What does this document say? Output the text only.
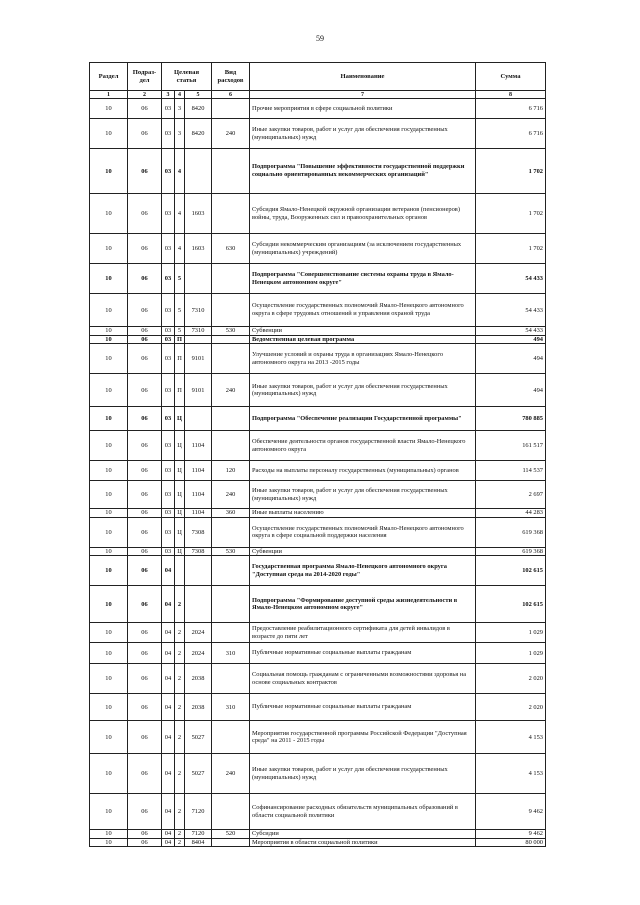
59
Раздел	Подраз-дел	Целевая статья			Вид расходов	Наименование	Сумма
1	2	3	4	5	6	7	8
10	06	03	3	8420		Прочие мероприятия в сфере социальной политики	6 716
10	06	03	3	8420	240	Иные закупки товаров, работ и услуг для обеспечения государственных (муниципальных) нужд	6 716
10	06	03	4			Подпрограмма "Повышение эффективности государственной поддержки социально ориентированных некоммерческих организаций"	1 702
10	06	03	4	1603		Субсидия Ямало-Ненецкой окружной организации ветеранов (пенсионеров) войны, труда, Вооруженных сил и правоохранительных органов	1 702
10	06	03	4	1603	630	Субсидии некоммерческим организациям (за исключением государственных (муниципальных) учреждений)	1 702
10	06	03	5			Подпрограмма "Совершенствование системы охраны труда в Ямало-Ненецком автономном округе"	54 433
10	06	03	5	7310		Осуществление государственных полномочий Ямало-Ненецкого автономного округа в сфере трудовых отношений и управления охраной труда	54 433
10	06	03	5	7310	530	Субвенции	54 433
10	06	03	П			Ведомственная целевая программа	494
10	06	03	П	9101		Улучшение условий и охраны труда в организациях Ямало-Ненецкого автономного округа на 2013 -2015 годы	494
10	06	03	П	9101	240	Иные закупки товаров, работ и услуг для обеспечения государственных (муниципальных) нужд	494
10	06	03	Ц			Подпрограмма "Обеспечение реализации Государственной программы"	780 885
10	06	03	Ц	1104		Обеспечение деятельности органов государственной власти Ямало-Ненецкого автономного округа	161 517
10	06	03	Ц	1104	120	Расходы на выплаты персоналу государственных (муниципальных) органов	114 537
10	06	03	Ц	1104	240	Иные закупки товаров, работ и услуг для обеспечения государственных (муниципальных) нужд	2 697
10	06	03	Ц	1104	360	Иные выплаты населению	44 283
10	06	03	Ц	7308		Осуществление государственных полномочий Ямало-Ненецкого автономного округа в сфере социальной поддержки населения	619 368
10	06	03	Ц	7308	530	Субвенции	619 368
10	06	04				Государственная программа Ямало-Ненецкого автономного округа "Доступная среда на 2014-2020 годы"	102 615
10	06	04	2			Подпрограмма "Формирование доступной среды жизнедеятельности в Ямало-Ненецком автономном округе"	102 615
10	06	04	2	2024		Предоставление реабилитационного сертификата для детей инвалидов в возрасте до пяти лет	1 029
10	06	04	2	2024	310	Публичные нормативные социальные выплаты гражданам	1 029
10	06	04	2	2038		Социальная помощь гражданам с ограниченными возможностями здоровья на основе социальных контрактов	2 020
10	06	04	2	2038	310	Публичные нормативные социальные выплаты гражданам	2 020
10	06	04	2	5027		Мероприятия государственной программы Российской Федерации "Доступная среда" на 2011 - 2015 годы	4 153
10	06	04	2	5027	240	Иные закупки товаров, работ и услуг для обеспечения государственных (муниципальных) нужд	4 153
10	06	04	2	7120		Софинансирование расходных обязательств муниципальных образований в области социальной политики	9 462
10	06	04	2	7120	520	Субсидии	9 462
10	06	04	2	8404		Мероприятия в области социальной политики	80 000
